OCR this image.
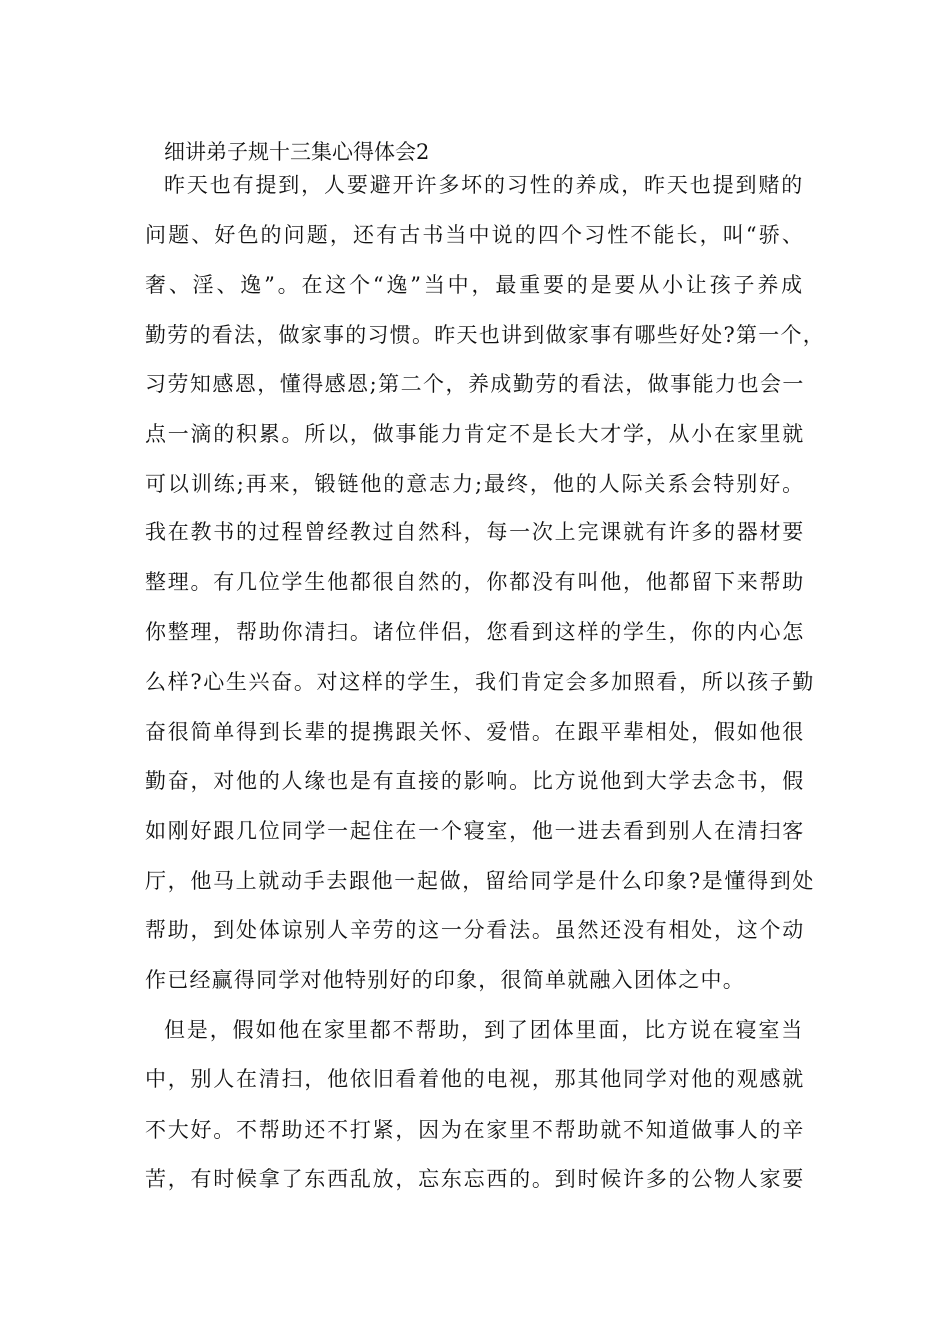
细讲弟子规十三集心得体会2
昨天也有提到，人要避开许多坏的习性的养成，昨天也提到赌的
问题、好色的问题，还有古书当中说的四个习性不能长，叫“骄、
奢、淫、逸”。在这个“逸”当中，最重要的是要从小让孩子养成
勤劳的看法，做家事的习惯。昨天也讲到做家事有哪些好处?第一个，
习劳知感恩，懂得感恩;第二个，养成勤劳的看法，做事能力也会一
点一滴的积累。所以，做事能力肯定不是长大才学，从小在家里就
可以训练;再来，锻链他的意志力;最终，他的人际关系会特别好。
我在教书的过程曾经教过自然科，每一次上完课就有许多的器材要
整理。有几位学生他都很自然的，你都没有叫他，他都留下来帮助
你整理，帮助你清扫。诸位伴侣，您看到这样的学生，你的内心怎
么样?心生兴奋。对这样的学生，我们肯定会多加照看，所以孩子勤
奋很简单得到长辈的提携跟关怀、爱惜。在跟平辈相处，假如他很
勤奋，对他的人缘也是有直接的影响。比方说他到大学去念书，假
如刚好跟几位同学一起住在一个寝室，他一进去看到别人在清扫客
厅，他马上就动手去跟他一起做，留给同学是什么印象?是懂得到处
帮助，到处体谅别人辛劳的这一分看法。虽然还没有相处，这个动
作已经赢得同学对他特别好的印象，很简单就融入团体之中。
但是，假如他在家里都不帮助，到了团体里面，比方说在寝室当
中，别人在清扫，他依旧看着他的电视，那其他同学对他的观感就
不大好。不帮助还不打紧，因为在家里不帮助就不知道做事人的辛
苦，有时候拿了东西乱放，忘东忘西的。到时候许多的公物人家要
